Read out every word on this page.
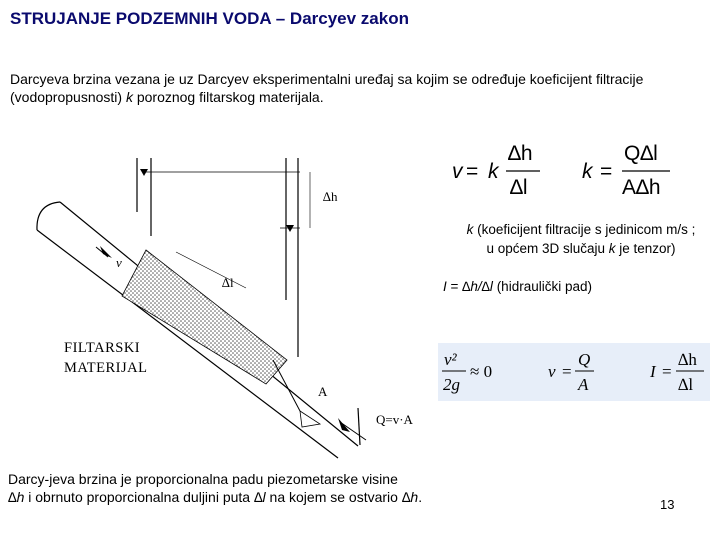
STRUJANJE PODZEMNIH VODA – Darcyev zakon
Darcyeva brzina vezana je uz Darcyev eksperimentalni uređaj sa kojim se određuje koeficijent filtracije (vodopropusnosti) k poroznog filtarskog materijala.
∆h
v
∆l
FILTARSKI
MATERIJAL
A
Q=v·A
v = k
∆h
∆l
k =
Q∆l
A∆h
k (koeficijent filtracije s jedinicom m/s ;
u općem 3D slučaju k je tenzor)
I = ∆h/∆l (hidraulički pad)
v²
2g
≈ 0	v =
Q
A
I =
∆h
∆l
Darcy-jeva brzina je proporcionalna padu piezometarske visine
∆h i obrnuto proporcionalna duljini puta ∆l na kojem se ostvario ∆h.	13
